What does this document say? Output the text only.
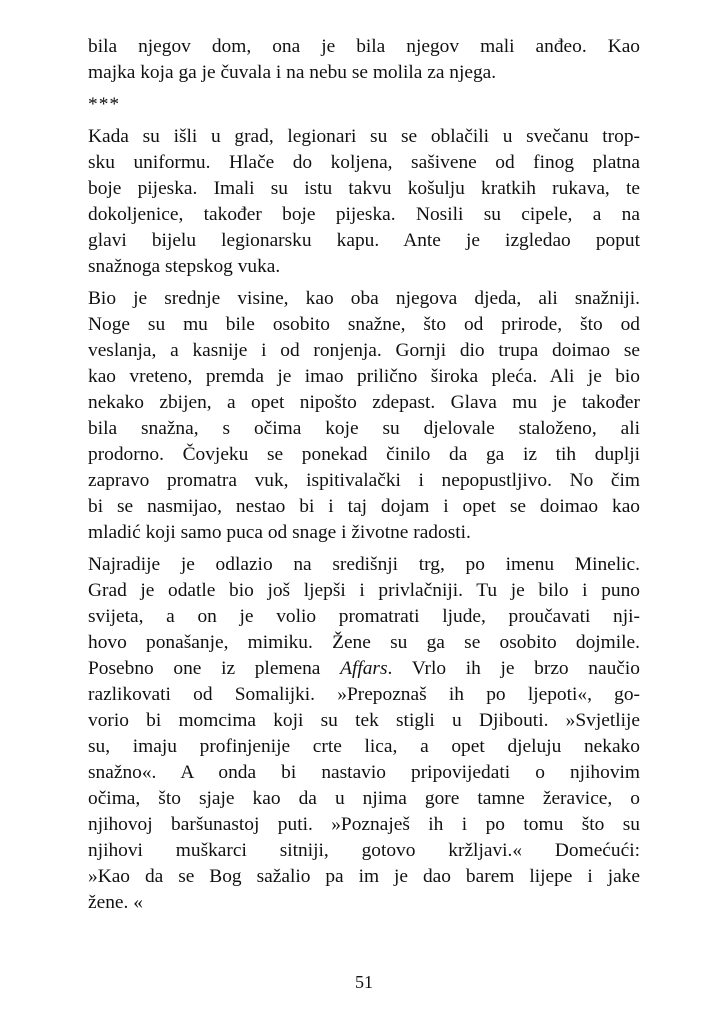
bila njegov dom, ona je bila njegov mali anđeo. Kao
majka koja ga je čuvala i na nebu se molila za njega.

***

Kada su išli u grad, legionari su se oblačili u svečanu trop-
sku uniformu. Hlače do koljena, sašivene od finog platna
boje pijeska. Imali su istu takvu košulju kratkih rukava, te
dokoljenice, također boje pijeska. Nosili su cipele, a na
glavi bijelu legionarsku kapu. Ante je izgledao poput
snažnoga stepskog vuka.

Bio je srednje visine, kao oba njegova djeda, ali snažniji.
Noge su mu bile osobito snažne, što od prirode, što od
veslanja, a kasnije i od ronjenja. Gornji dio trupa doimao se
kao vreteno, premda je imao prilično široka pleća. Ali je bio
nekako zbijen, a opet nipošto zdepast. Glava mu je također
bila snažna, s očima koje su djelovale staloženo, ali
prodorno. Čovjeku se ponekad činilo da ga iz tih duplji
zapravo promatra vuk, ispitivalački i nepopustljivo. No čim
bi se nasmijao, nestao bi i taj dojam i opet se doimao kao
mladić koji samo puca od snage i životne radosti.

Najradije je odlazio na središnji trg, po imenu Minelic.
Grad je odatle bio još ljepši i privlačniji. Tu je bilo i puno
svijeta, a on je volio promatrati ljude, proučavati nji-
hovo ponašanje, mimiku. Žene su ga se osobito dojmile.
Posebno one iz plemena Affars. Vrlo ih je brzo naučio
razlikovati od Somalijki. »Prepoznaš ih po ljepoti«, go-
vorio bi momcima koji su tek stigli u Djibouti. »Svjetlije
su, imaju profinjenije crte lica, a opet djeluju nekako
snažno«. A onda bi nastavio pripovijedati o njihovim
očima, što sjaje kao da u njima gore tamne žeravice, o
njihovoj baršunastoj puti. »Poznaješ ih i po tomu što su
njihovi muškarci sitniji, gotovo kržljavi.« Domećući:
»Kao da se Bog sažalio pa im je dao barem lijepe i jake
žene. «

51
